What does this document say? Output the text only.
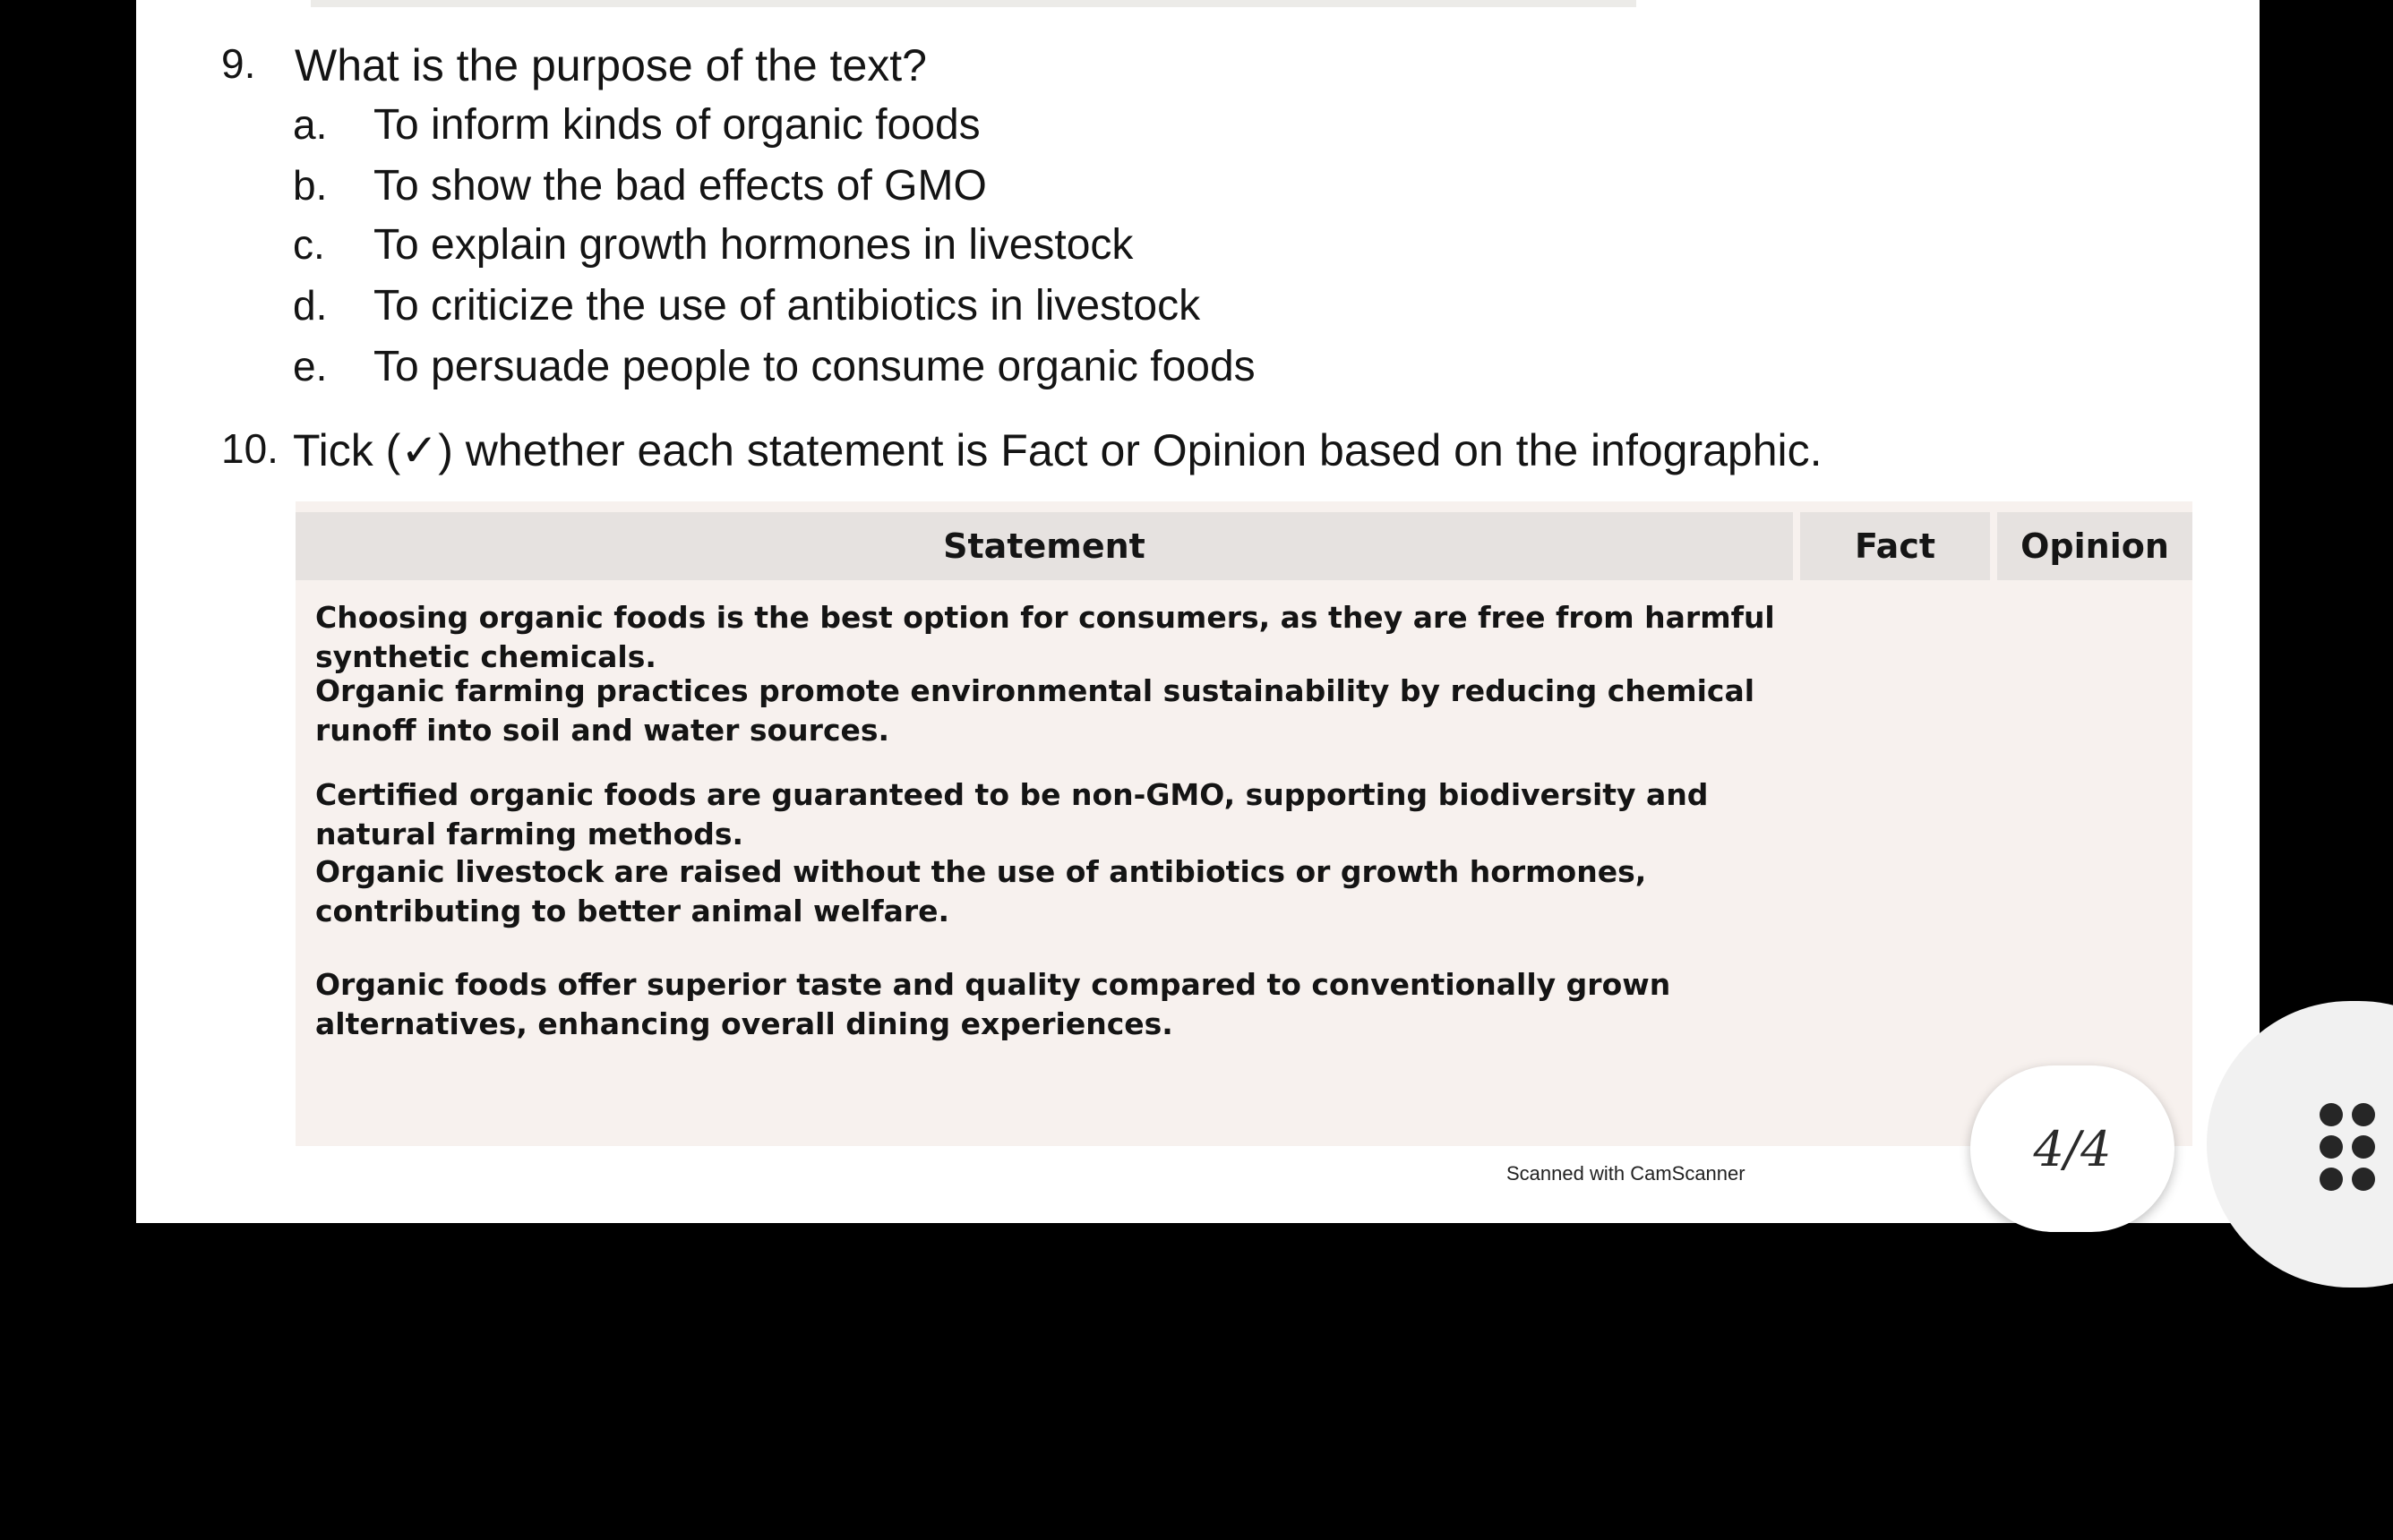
9. What is the purpose of the text?
a. To inform kinds of organic foods
b. To show the bad effects of GMO
c. To explain growth hormones in livestock
d. To criticize the use of antibiotics in livestock
e. To persuade people to consume organic foods
10. Tick (✓) whether each statement is Fact or Opinion based on the infographic.
Statement	Fact	Opinion
Choosing organic foods is the best option for consumers, as they are free from harmful synthetic chemicals.
Organic farming practices promote environmental sustainability by reducing chemical runoff into soil and water sources.
Certified organic foods are guaranteed to be non-GMO, supporting biodiversity and natural farming methods.
Organic livestock are raised without the use of antibiotics or growth hormones, contributing to better animal welfare.
Organic foods offer superior taste and quality compared to conventionally grown alternatives, enhancing overall dining experiences.
Scanned with CamScanner	4/4
